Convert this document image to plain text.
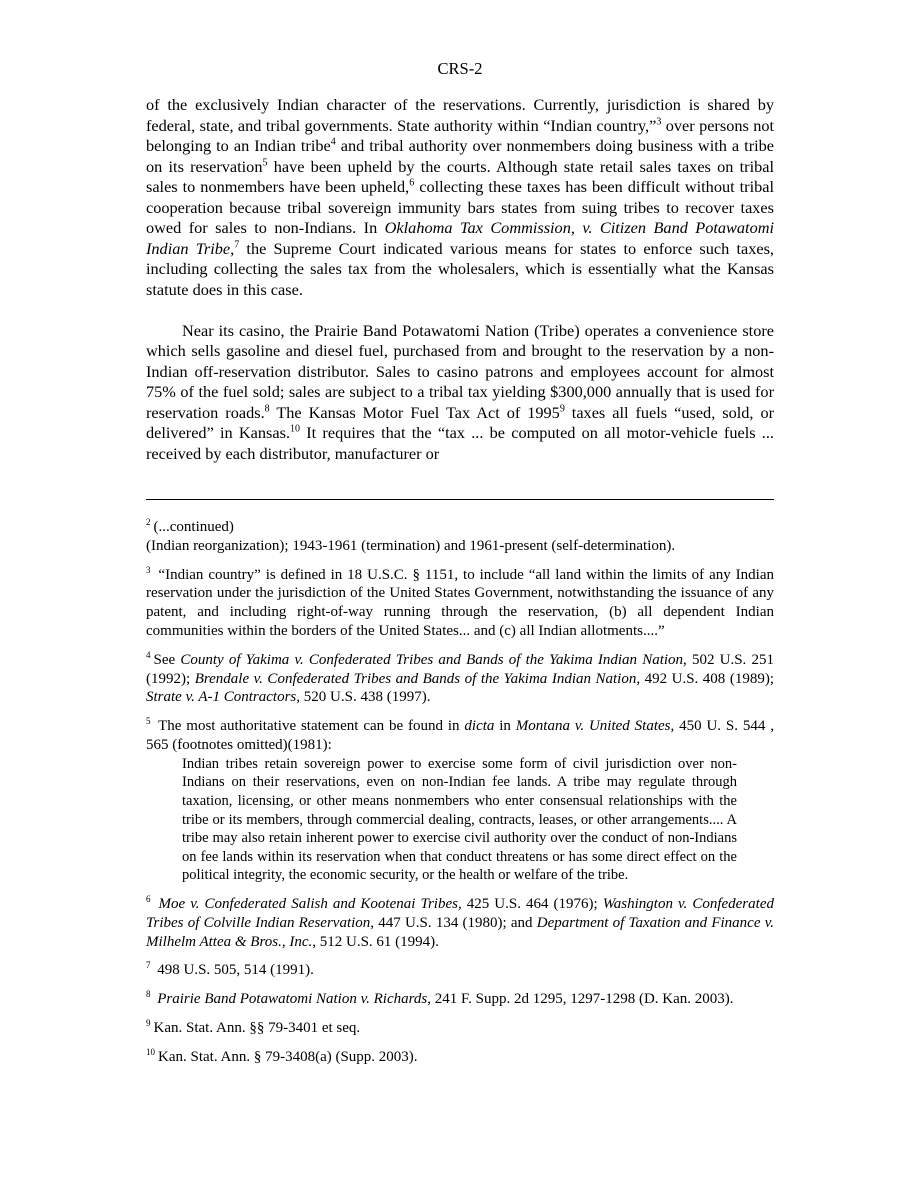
CRS-2

of the exclusively Indian character of the reservations. Currently, jurisdiction is shared by federal, state, and tribal governments. State authority within “Indian country,”$^3$ over persons not belonging to an Indian tribe$^4$ and tribal authority over nonmembers doing business with a tribe on its reservation$^5$ have been upheld by the courts. Although state retail sales taxes on tribal sales to nonmembers have been upheld,$^6$ collecting these taxes has been difficult without tribal cooperation because tribal sovereign immunity bars states from suing tribes to recover taxes owed for sales to non-Indians. In Oklahoma Tax Commission, v. Citizen Band Potawatomi Indian Tribe,$^7$ the Supreme Court indicated various means for states to enforce such taxes, including collecting the sales tax from the wholesalers, which is essentially what the Kansas statute does in this case.

Near its casino, the Prairie Band Potawatomi Nation (Tribe) operates a convenience store which sells gasoline and diesel fuel, purchased from and brought to the reservation by a non-Indian off-reservation distributor. Sales to casino patrons and employees account for almost 75% of the fuel sold; sales are subject to a tribal tax yielding $300,000 annually that is used for reservation roads.$^8$ The Kansas Motor Fuel Tax Act of 1995$^9$ taxes all fuels “used, sold, or delivered” in Kansas.$^{10}$ It requires that the “tax ... be computed on all motor-vehicle fuels ... received by each distributor, manufacturer or

$^2$ (...continued)
(Indian reorganization); 1943-1961 (termination) and 1961-present (self-determination).
$^3$ “Indian country” is defined in 18 U.S.C. § 1151, to include “all land within the limits of any Indian reservation under the jurisdiction of the United States Government, notwithstanding the issuance of any patent, and including right-of-way running through the reservation, (b) all dependent Indian communities within the borders of the United States... and (c) all Indian allotments....”
$^4$ See County of Yakima v. Confederated Tribes and Bands of the Yakima Indian Nation, 502 U.S. 251 (1992); Brendale v. Confederated Tribes and Bands of the Yakima Indian Nation, 492 U.S. 408 (1989); Strate v. A-1 Contractors, 520 U.S. 438 (1997).
$^5$ The most authoritative statement can be found in dicta in Montana v. United States, 450 U. S. 544 , 565 (footnotes omitted)(1981):
Indian tribes retain sovereign power to exercise some form of civil jurisdiction over non-Indians on their reservations, even on non-Indian fee lands. A tribe may regulate through taxation, licensing, or other means nonmembers who enter consensual relationships with the tribe or its members, through commercial dealing, contracts, leases, or other arrangements.... A tribe may also retain inherent power to exercise civil authority over the conduct of non-Indians on fee lands within its reservation when that conduct threatens or has some direct effect on the political integrity, the economic security, or the health or welfare of the tribe.
$^6$ Moe v. Confederated Salish and Kootenai Tribes, 425 U.S. 464 (1976); Washington v. Confederated Tribes of Colville Indian Reservation, 447 U.S. 134 (1980); and Department of Taxation and Finance v. Milhelm Attea & Bros., Inc., 512 U.S. 61 (1994).
$^7$ 498 U.S. 505, 514 (1991).
$^8$ Prairie Band Potawatomi Nation v. Richards, 241 F. Supp. 2d 1295, 1297-1298 (D. Kan. 2003).
$^9$ Kan. Stat. Ann. §§ 79-3401 et seq.
$^{10}$ Kan. Stat. Ann. § 79-3408(a) (Supp. 2003).
